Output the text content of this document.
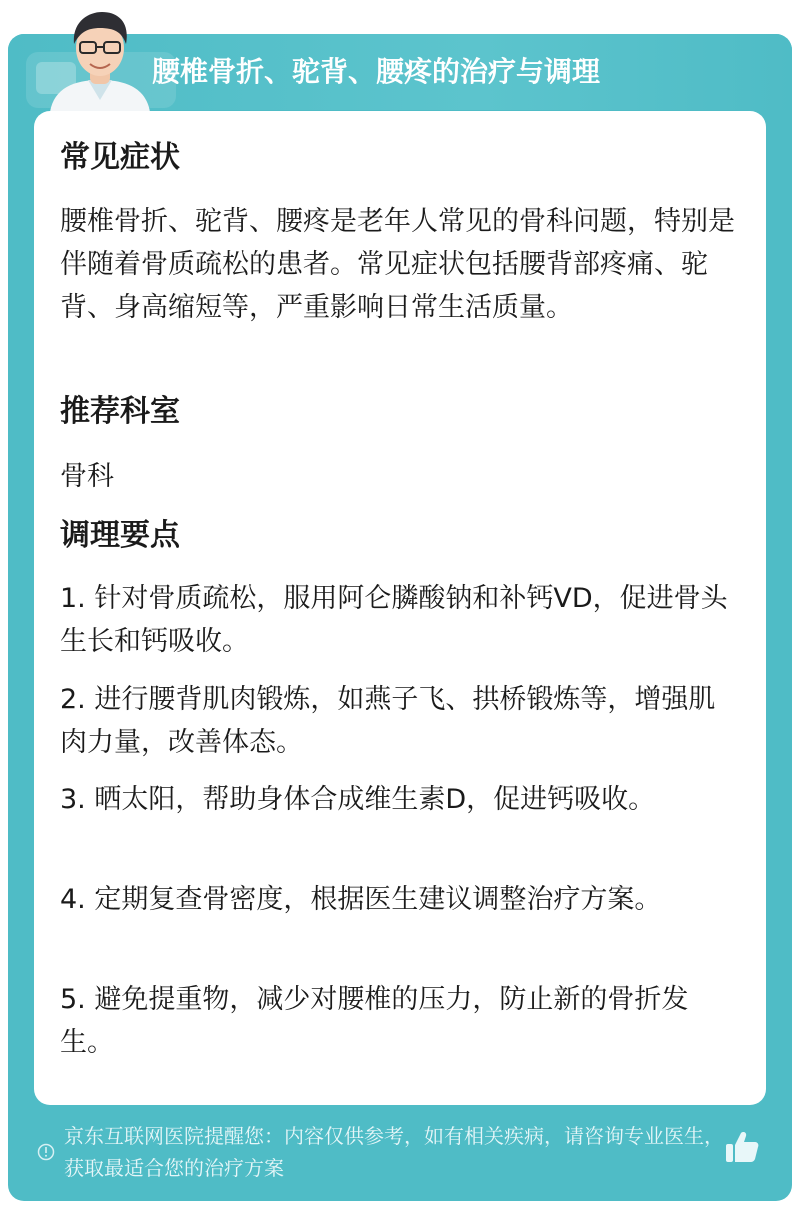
腰椎骨折、驼背、腰疼的治疗与调理
常见症状
腰椎骨折、驼背、腰疼是老年人常见的骨科问题，特别是伴随着骨质疏松的患者。常见症状包括腰背部疼痛、驼背、身高缩短等，严重影响日常生活质量。
推荐科室
骨科
调理要点
1. 针对骨质疏松，服用阿仑膦酸钠和补钙VD，促进骨头生长和钙吸收。
2. 进行腰背肌肉锻炼，如燕子飞、拱桥锻炼等，增强肌肉力量，改善体态。
3. 晒太阳，帮助身体合成维生素D，促进钙吸收。
4. 定期复查骨密度，根据医生建议调整治疗方案。
5. 避免提重物，减少对腰椎的压力，防止新的骨折发生。
京东互联网医院提醒您：内容仅供参考，如有相关疾病，请咨询专业医生，获取最适合您的治疗方案
